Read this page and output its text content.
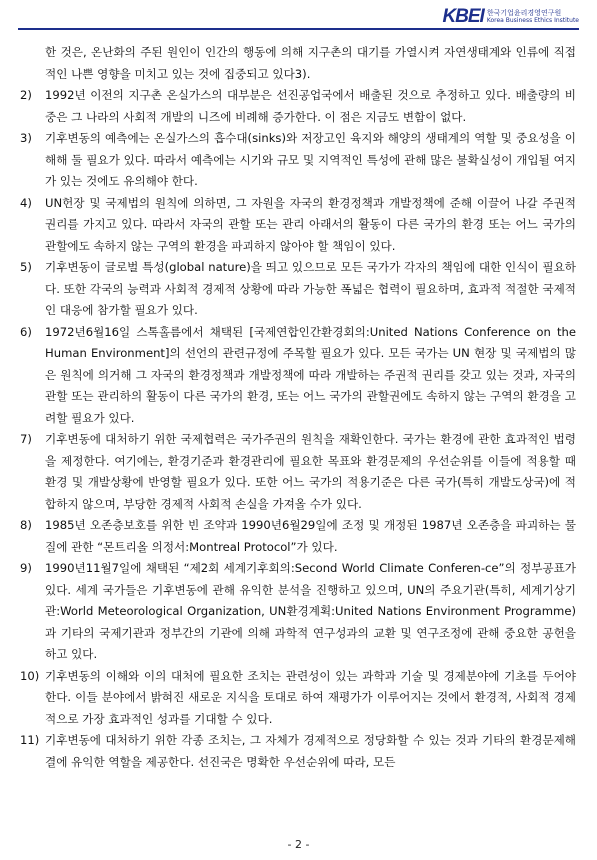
KBEI 한국기업윤리경영연구원
Korea Business Ethics Institute

한 것은, 온난화의 주된 원인이 인간의 행동에 의해 지구촌의 대기를 가열시켜 자연생태계와 인류에 직접적인 나쁜 영향을 미치고 있는 것에 집중되고 있다3).

2) 1992년 이전의 지구촌 온실가스의 대부분은 선진공업국에서 배출된 것으로 추정하고 있다. 배출량의 비중은 그 나라의 사회적 개발의 니즈에 비례해 증가한다. 이 점은 지금도 변함이 없다.

3) 기후변동의 예측에는 온실가스의 흡수대(sinks)와 저장고인 육지와 해양의 생태계의 역할 및 중요성을 이해해 둘 필요가 있다. 따라서 예측에는 시기와 규모 및 지역적인 특성에 관해 많은 불확실성이 개입될 여지가 있는 것에도 유의해야 한다.

4) UN헌장 및 국제법의 원칙에 의하면, 그 자원을 자국의 환경정책과 개발정책에 준해 이끌어 나갈 주권적 권리를 가지고 있다. 따라서 자국의 관할 또는 관리 아래서의 활동이 다른 국가의 환경 또는 어느 국가의 관할에도 속하지 않는 구역의 환경을 파괴하지 않아야 할 책임이 있다.

5) 기후변동이 글로벌 특성(global nature)을 띄고 있으므로 모든 국가가 각자의 책임에 대한 인식이 필요하다. 또한 각국의 능력과 사회적 경제적 상황에 따라 가능한 폭넓은 협력이 필요하며, 효과적 적절한 국제적인 대응에 참가할 필요가 있다.

6) 1972년6월16일 스톡홀름에서 채택된 [국제연합인간환경회의:United Nations Conference on the Human Environment]의 선언의 관련규정에 주목할 필요가 있다. 모든 국가는 UN 현장 및 국제법의 많은 원칙에 의거해 그 자국의 환경정책과 개발정책에 따라 개발하는 주권적 권리를 갖고 있는 것과, 자국의 관할 또는 관리하의 활동이 다른 국가의 환경, 또는 어느 국가의 관할권에도 속하지 않는 구역의 환경을 고려할 필요가 있다.

7) 기후변동에 대처하기 위한 국제협력은 국가주권의 원칙을 재확인한다. 국가는 환경에 관한 효과적인 법령을 제정한다. 여기에는, 환경기준과 환경관리에 필요한 목표와 환경문제의 우선순위를 이들에 적용할 때 환경 및 개발상황에 반영할 필요가 있다. 또한 어느 국가의 적용기준은 다른 국가(특히 개발도상국)에 적합하지 않으며, 부당한 경제적 사회적 손실을 가져올 수가 있다.

8) 1985년 오존층보호를 위한 빈 조약과 1990년6월29일에 조정 및 개정된 1987년 오존층을 파괴하는 물질에 관한 “몬트리올 의정서:Montreal Protocol”가 있다.

9) 1990년11월7일에 채택된 “제2회 세계기후회의:Second World Climate Conferen-ce”의 정부공표가 있다. 세계 국가들은 기후변동에 관해 유익한 분석을 진행하고 있으며, UN의 주요기관(특히, 세계기상기관:World Meteorological Organization, UN환경계획:United Nations Environment Programme)과 기타의 국제기관과 정부간의 기관에 의해 과학적 연구성과의 교환 및 연구조정에 관해 중요한 공헌을 하고 있다.

10) 기후변동의 이해와 이의 대처에 필요한 조치는 관련성이 있는 과학과 기술 및 경제분야에 기초를 두어야 한다. 이들 분야에서 밝혀진 새로운 지식을 토대로 하여 재평가가 이루어지는 것에서 환경적, 사회적 경제적으로 가장 효과적인 성과를 기대할 수 있다.

11) 기후변동에 대처하기 위한 각종 조치는, 그 자체가 경제적으로 정당화할 수 있는 것과 기타의 환경문제해결에 유익한 역할을 제공한다. 선진국은 명확한 우선순위에 따라, 모든

- 2 -
